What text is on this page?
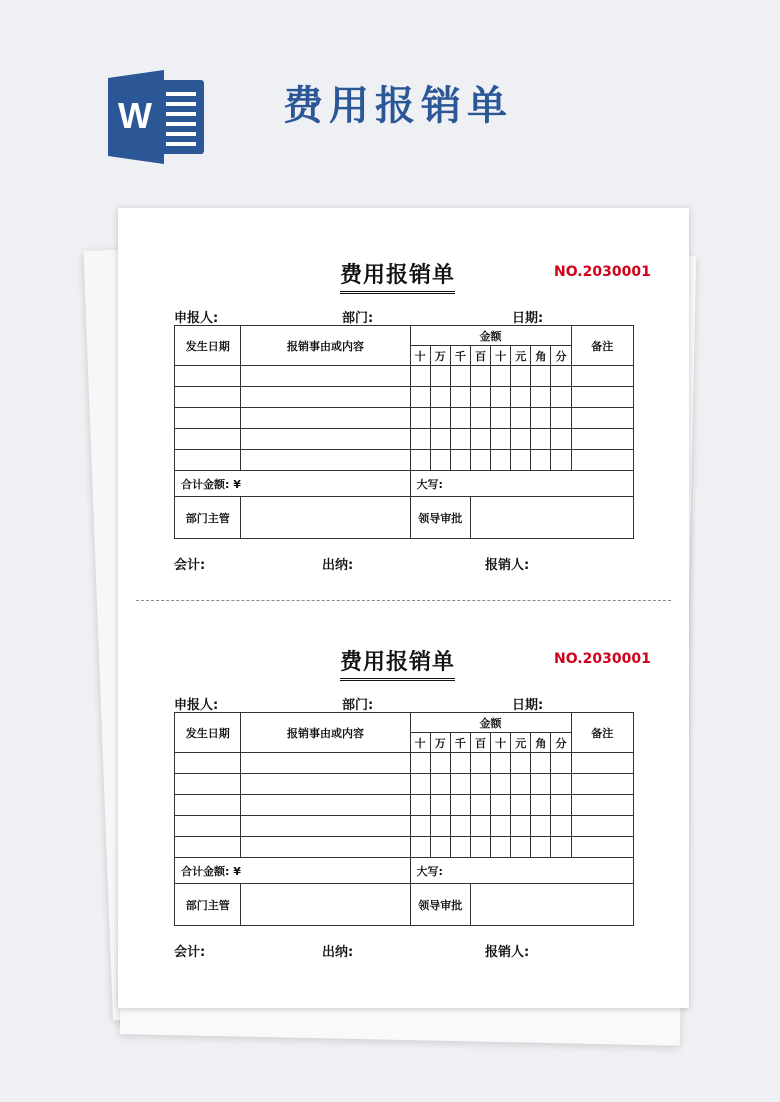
W	费用报销单
费用报销单	NO.2030001
申报人:	部门:	日期:
发生日期	报销事由或内容	金额								备注
		十	万	千	百	十	元	角	分	

合计金额: ¥		大写:								
部门主管		领导审批								
会计:	出纳:	报销人:
费用报销单	NO.2030001
申报人:	部门:	日期:
发生日期	报销事由或内容	金额								备注
		十	万	千	百	十	元	角	分	

合计金额: ¥		大写:								
部门主管		领导审批								
会计:	出纳:	报销人:
